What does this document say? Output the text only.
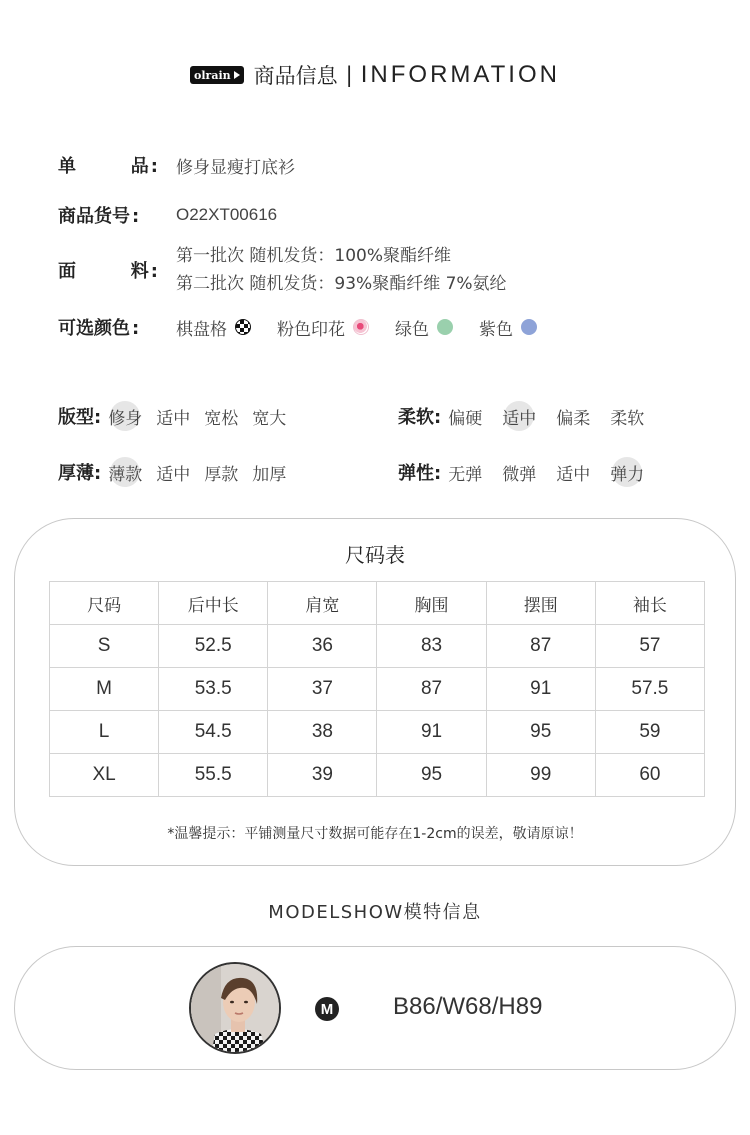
olrain 商品信息 | INFORMATION
单	品 : 修身显瘦打底衫
商品货号 : O22XT00616
面	料 :
第一批次 随机发货：100%聚酯纤维
第二批次 随机发货：93%聚酯纤维 7%氨纶
可选颜色 : 棋盘格	粉色印花	绿色	紫色
版型: 修身 适中 宽松 宽大	柔软: 偏硬 适中 偏柔 柔软
厚薄: 薄款 适中 厚款 加厚	弹性: 无弹 微弹 适中 弹力
尺码表
尺码	后中长	肩宽	胸围	摆围	袖长
S	52.5	36	83	87	57
M	53.5	37	87	91	57.5
L	54.5	38	91	95	59
XL	55.5	39	95	99	60
*温馨提示：平铺测量尺寸数据可能存在1-2cm的误差，敬请原谅！
MODELSHOW模特信息
M B86/W68/H89
